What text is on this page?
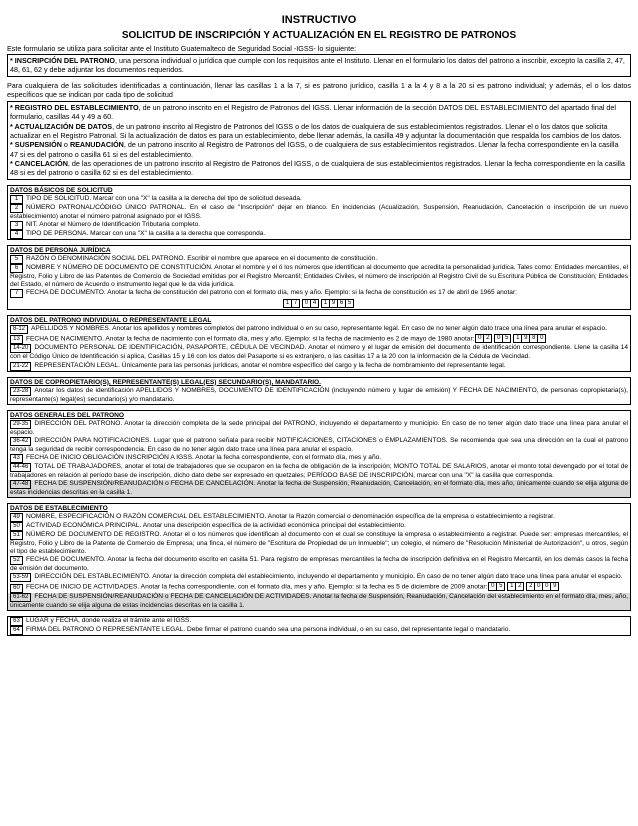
INSTRUCTIVO
SOLICITUD DE INSCRIPCIÓN Y ACTUALIZACIÓN EN EL REGISTRO DE PATRONOS
Este formulario se utiliza para solicitar ante el Instituto Guatemalteco de Seguridad Social -IGSS- lo siguiente:
* INSCRIPCIÓN DEL PATRONO, una persona individual o jurídica que cumple con los requisitos ante el Instituto. Llenar en el formulario los datos del patrono a inscribir, excepto la casilla 2, 47, 48, 61, 62 y debe adjuntar los documentos requeridos.
Para cualquiera de las solicitudes identificadas a continuación, llenar las casillas 1 a la 7, si es patrono jurídico, casilla 1 a la 4 y 8 a la 20 si es patrono individual; y además, el o los datos específicos que se indican por cada tipo de solicitud
* REGISTRO DEL ESTABLECIMIENTO, de un patrono inscrito en el Registro de Patronos del IGSS. Llenar información de la sección DATOS DEL ESTABLECIMIENTO del apartado final del formulario, casillas 44 y 49 a 60.
* ACTUALIZACIÓN DE DATOS, de un patrono inscrito al Registro de Patronos del IGSS o de los datos de cualquiera de sus establecimientos registrados. Llenar el o los datos que solicita actualizar en el Registro Patronal. Si la actualización de datos es para un establecimiento, debe llenar además, la casilla 49 y adjuntar la documentación que respalda los cambios de los datos.
* SUSPENSIÓN o REANUDACIÓN, de un patrono inscrito al Registro de Patronos del IGSS, o de cualquiera de sus establecimientos registrados. Llenar la fecha correspondiente en la casilla 47 si es del patrono o casilla 61 si es del establecimiento.
* CANCELACIÓN, de las operaciones de un patrono inscrito al Registro de Patronos del IGSS, o de cualquiera de sus establecimientos registrados. Llenar la fecha correspondiente en la casilla 48 si es del patrono o casilla 62 si es del establecimiento.
DATOS BÁSICOS DE SOLICITUD
1 TIPO DE SOLICITUD. Marcar con una "X" la casilla a la derecha del tipo de solicitud deseada.
2 NÚMERO PATRONAL/CÓDIGO ÚNICO PATRONAL. En el caso de "Inscripción" dejar en blanco. En incidencias (Acualización, Suspensión, Reanudación, Cancelación o inscripción de un nuevo establecimiento) anotar el número patronal asignado por el IGSS.
3 NIT. Anotar el Número de Identificación Tributaria completo.
4 TIPO DE PERSONA. Marcar con una "X" la casilla a la derecha que corresponda.
DATOS DE PERSONA JURÍDICA
5 RAZÓN O DENOMINACIÓN SOCIAL DEL PATRONO. Escribir el nombre que aparece en el documento de constitución.
6 NOMBRE Y NÚMERO DE DOCUMENTO DE CONSTITUCIÓN. Anotar el nombre y el ó los números que identifican al documento que acredita la personalidad jurídica. Tales como: Entidades mercantiles, el Registro, Folio y Libro de las Patentes de Comercio de Sociedad emitidas por el Registro Mercantil; Entidades Civiles, el número de inscripción al Registro Civil de su Escritura Pública de Constitución; Entidades del Estado, el número de Acuerdo o instrumento legal que le da vida jurídica.
7 FECHA DE DOCUMENTO. Anotar la fecha de constitución del patrono con el formato día, mes y año. Ejemplo: si la fecha de constitución es 17 de abril de 1965 anotar:
1 7	0 4	1 9 6 5
DATOS DEL PATRONO INDIVIDUAL O REPRESENTANTE LEGAL
8-12 APELLIDOS Y NOMBRES. Anotar los apellidos y nombres completos del patrono individual o en su caso, representante legal. En caso de no tener algún dato trace una línea para anular el espacio.
13 FECHA DE NACIMIENTO. Anotar la fecha de nacimiento con el formato día, mes y año. Ejemplo: si la fecha de nacimiento es 2 de mayo de 1980 anotar: 0 2	0 5	1 9 8 0
14-20 DOCUMENTO PERSONAL DE IDENTIFICACIÓN, PASAPORTE, CÉDULA DE VECINDAD. Anotar el número y el lugar de emisión del documento de identificación correspondiente. Llene la casilla 14 con el Código Único de Identificación si aplica, Casillas 15 y 16 con los datos del Pasaporte si es extranjero, o las casillas 17 a la 20 con la información de la Cédula de Vecindad.
21-22 REPRESENTACIÓN LEGAL. Únicamente para las personas jurídicas, anotar el nombre específico del cargo y la fecha de nombramiento del representante legal.
DATOS DE COPROPIETARIO(S), REPRESENTANTE(S) LEGAL(ES) SECUNDARIO(S), MANDATARIO.
23-28 Anotar los datos de identificación APELLIDOS Y NOMBRES, DOCUMENTO DE IDENTIFICACIÓN (incluyendo número y lugar de emisión) Y FECHA DE NACIMIENTO, de personas copropietaria(s), representante(s) legal(es) secundario(s) y/o mandatario.
DATOS GENERALES DEL PATRONO
29-35 DIRECCIÓN DEL PATRONO. Anotar la dirección completa de la sede principal del PATRONO, incluyendo el departamento y municipio. En caso de no tener algún dato trace una línea para anular el espacio.
36-42 DIRECCIÓN PARA NOTIFICACIONES. Lugar que el patrono señala para recibir NOTIFICACIONES, CITACIONES o EMPLAZAMIENTOS. Se recomienda que sea una dirección en la cual el patrono tenga la seguridad de recibir correspondencia. En caso de no tener algún dato trace una línea para anular el espacio.
43 FECHA DE INICIO OBLIGACIÓN INSCRIPCIÓN A IGSS. Anotar la fecha correspondiente, con el formato día, mes y año.
44-46 TOTAL DE TRABAJADORES, anotar el total de trabajadores que se ocuparon en la fecha de obligación de la inscripción; MONTO TOTAL DE SALARIOS, anotar el monto total devengado por el total de trabajadores en relación al período base de inscripción, dicho dato debe ser expresado en quetzales; PERÍODO BASE DE INSCRIPCIÓN, marcar con una "X" la casilla que corresponda.
47-48 FECHA DE SUSPENSIÓN/REANUDACIÓN o FECHA DE CANCELACIÓN. Anotar la fecha de Suspensión, Reanudación, Cancelación, en el formato día, mes año, únicamente cuando se elija alguna de estas incidencias descritas en la casilla 1.
DATOS DE ESTABLECIMIENTO
49 NOMBRE, ESPECIFICACIÓN O RAZÓN COMERCIAL DEL ESTABLECIMIENTO. Anotar la Razón comercial o denominación específica de la empresa o establecimiento a registrar.
50 ACTIVIDAD ECONÓMICA PRINCIPAL. Anotar una descripción específica de la actividad económica principal del establecimiento.
51 NÚMERO DE DOCUMENTO DE REGISTRO. Anotar el o los números que identifican al documento con el cual se constituye la empresa o establecimiento a registrar. Puede ser: empresas mercantiles, el Registro, Folio y Libro de la Patente de Comercio de Empresa; una finca, el número de "Escritura de Propiedad de un Inmueble"; un colegio, el número de "Resolución Ministerial de Autorización", u otros, según el tipo de establecimiento.
52 FECHA DE DOCUMENTO. Anotar la fecha del documento escrito en casilla 51. Para registro de empresas mercantiles la fecha de inscripción definitiva en el Registro Mercantil, en los demás casos la fecha de emisión del documento.
53-59 DIRECCIÓN DEL ESTABLECIMIENTO. Anotar la dirección completa del establecimiento, incluyendo el departamento y municipio. En caso de no tener algún dato trace una línea para anular el espacio.
60 FECHA DE INICIO DE ACTIVIDADES. Anotar la fecha correspondiente, con el formato día, mes y año. Ejemplo: si la fecha es 5 de diciembre de 2009 anotar: 0 5	1 2	2 0 0 9
61-62 FECHA DE SUSPENSIÓN/REANUDACIÓN o FECHA DE CANCELACIÓN DE ACTIVIDADES. Anotar la fecha de Suspensión, Reanudación, Cancelación del establecimiento en el formato día, mes, año, únicamente cuando se elija alguna de estas incidencias descritas en la casilla 1.
63 LUGAR y FECHA, donde realiza el trámite ante el IGSS.
64 FIRMA DEL PATRONO O REPRESENTANTE LEGAL. Debe firmar el patrono cuando sea una persona individual, o en su caso, del representante legal o mandatario.
